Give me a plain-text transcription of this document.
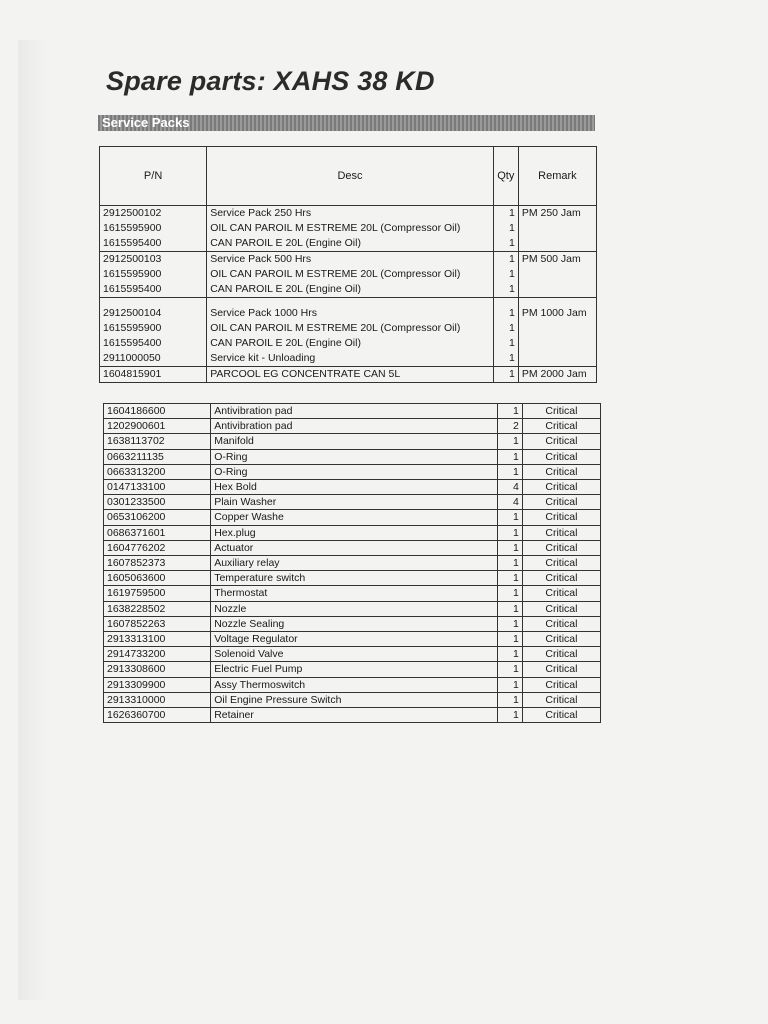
Spare parts: XAHS 38 KD
Service Packs
P/N	Desc	Qty	Remark
2912500102	Service Pack 250 Hrs	1	PM 250 Jam
1615595900	OIL CAN PAROIL M ESTREME 20L (Compressor Oil)	1	
1615595400	CAN PAROIL E 20L (Engine Oil)	1	
2912500103	Service Pack 500 Hrs	1	PM 500 Jam
1615595900	OIL CAN PAROIL M ESTREME 20L (Compressor Oil)	1	
1615595400	CAN PAROIL E 20L (Engine Oil)	1	

2912500104	Service Pack 1000 Hrs	1	PM 1000 Jam
1615595900	OIL CAN PAROIL M ESTREME 20L (Compressor Oil)	1	
1615595400	CAN PAROIL E 20L (Engine Oil)	1	
2911000050	Service kit - Unloading	1	
1604815901	PARCOOL EG CONCENTRATE CAN 5L	1	PM 2000 Jam
1604186600	Antivibration pad	1	Critical
1202900601	Antivibration pad	2	Critical
1638113702	Manifold	1	Critical
0663211135	O-Ring	1	Critical
0663313200	O-Ring	1	Critical
0147133100	Hex Bold	4	Critical
0301233500	Plain Washer	4	Critical
0653106200	Copper Washe	1	Critical
0686371601	Hex.plug	1	Critical
1604776202	Actuator	1	Critical
1607852373	Auxiliary relay	1	Critical
1605063600	Temperature switch	1	Critical
1619759500	Thermostat	1	Critical
1638228502	Nozzle	1	Critical
1607852263	Nozzle Sealing	1	Critical
2913313100	Voltage Regulator	1	Critical
2914733200	Solenoid Valve	1	Critical
2913308600	Electric Fuel Pump	1	Critical
2913309900	Assy Thermoswitch	1	Critical
2913310000	Oil Engine Pressure Switch	1	Critical
1626360700	Retainer	1	Critical
